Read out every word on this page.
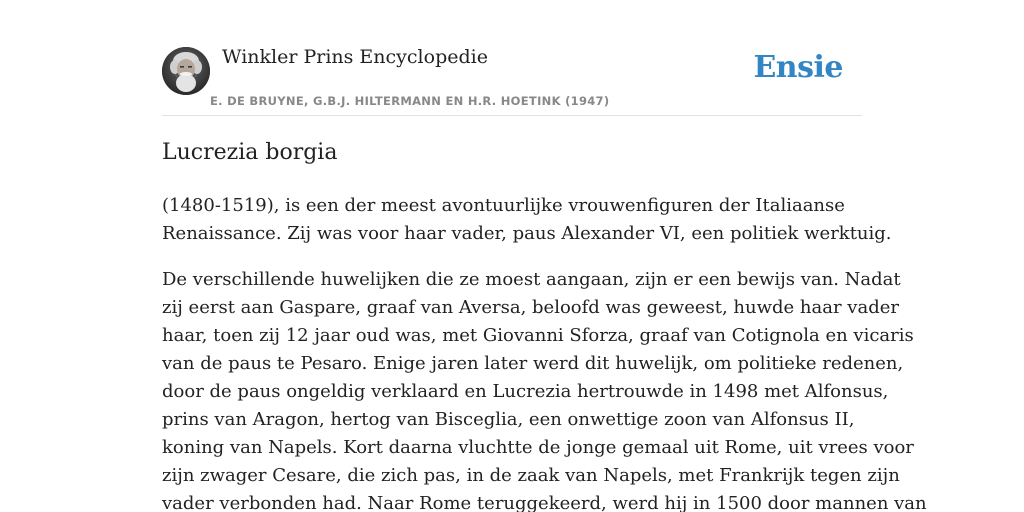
Winkler Prins Encyclopedie
E. DE BRUYNE, G.B.J. HILTERMANN EN H.R. HOETINK (1947)
Ensie
Lucrezia borgia

(1480-1519), is een der meest avontuurlijke vrouwenfiguren der Italiaanse
Renaissance. Zij was voor haar vader, paus Alexander VI, een politiek werktuig.

De verschillende huwelijken die ze moest aangaan, zijn er een bewijs van. Nadat
zij eerst aan Gaspare, graaf van Aversa, beloofd was geweest, huwde haar vader
haar, toen zij 12 jaar oud was, met Giovanni Sforza, graaf van Cotignola en vicaris
van de paus te Pesaro. Enige jaren later werd dit huwelijk, om politieke redenen,
door de paus ongeldig verklaard en Lucrezia hertrouwde in 1498 met Alfonsus,
prins van Aragon, hertog van Bisceglia, een onwettige zoon van Alfonsus II,
koning van Napels. Kort daarna vluchtte de jonge gemaal uit Rome, uit vrees voor
zijn zwager Cesare, die zich pas, in de zaak van Napels, met Frankrijk tegen zijn
vader verbonden had. Naar Rome teruggekeerd, werd hij in 1500 door mannen van
